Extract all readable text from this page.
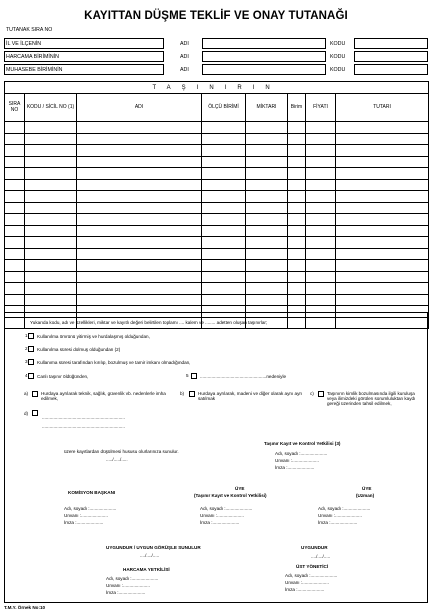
KAYITTAN DÜŞME TEKLİF VE ONAY TUTANAĞI
TUTANAK SIRA NO
İL VE İLÇENİN	ADI	KODU
HARCAMA BİRİMİNİN	ADI	KODU
MUHASEBE BİRİMİNİN	ADI	KODU
TAŞINIRIN							
SIRA NO	KODU / SİCİL NO (1)	ADI	ÖLÇÜ BİRİMİ	MİKTARI	Birim	FİYATI	TUTARI

Yukarıda kodu, adı ve özellikleri, miktar ve kayıtlı değeri belirtilen toplamı .... kalem ve ........ adetten oluşan taşınırlar;
1 Kullanılma ömrünü yitirmiş ve hurdalaşmış olduğundan,
2 Kullanılma süresi dolmuş olduğundan (2)
3 Kullanıma süresi tarafından kırılıp, bozulmuş ve tamir imkanı olmadığından,
4 Canlı taşınır öldüğünden,	5 ....................................................nedeniyle
a)	Hurdaya ayrılarak teknik, sağlık, güvenlik vb. nedenlerle imha edilmek,
b)	Hurdaya ayrılarak, madeni ve diğer olarak aynı ayrı satılmak
c)	Taşınırın kimlik bozulmasında ilgili kuruluşa veya ilimizdeki görülen sorumluluktan kaydı gereği üzerinden tahsil edilmek,
d)
.................................................................
.................................................................
üzere kayıtlardan düşülmesi hususu olurlarınıza sunulur.
...../...../.....
Taşınır Kayıt ve Kontrol Yetkilisi (3)
Adı, soyadı :.....................
Unvanı :.....................
İmza :.....................
KOMİSYON BAŞKANI
Adı, soyadı :.....................
Unvanı :.....................
İmza :.....................
ÜYE
(Taşınır Kayıt ve Kontrol Yetkilisi)
Adı, soyadı :.....................
Unvanı :.....................
İmza :.....................
ÜYE
(Uzman)
Adı, soyadı :.....................
Unvanı :.....................
İmza :.....................
UYGUNDUR / UYGUN GÖRÜŞLE SUNULUR
..../..../.....
HARCAMA YETKİLİSİ
Adı, soyadı :.....................
Unvanı :.....................
İmza :.....................
UYGUNDUR
..../..../.....
ÜST YÖNETİCİ
Adı, soyadı :.....................
Unvanı :.....................
İmza :.....................
T.M.Y. Örnek No:10
